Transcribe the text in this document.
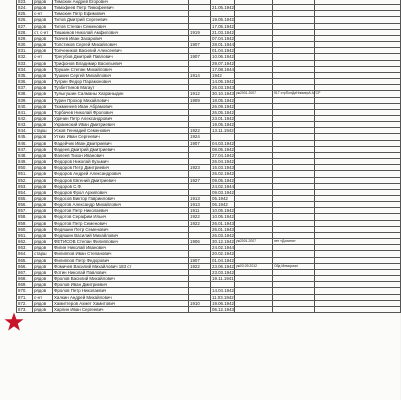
823.	рядов	Тимохин Андрей Егорович					
824.	рядов	Тимофеев Петр Тимофеевич		21.05.1942			
825.	с-нт	Тимохин Петр Ефимович					
826.	рядов	Титов Дмитрий Сергеевич		19.05.1942			
827.	рядов	Титов Степан Семенович		17.05.1942			
828.	ст. с-нт	Тишкинов Николай Амфилович	1919	21.03.1942			
829.	рядов	Ткачев Иван Захарович		07.04.1942			
830.	рядов	Толстиков Сергей Михайлович	1907	28.01.1944			
831.	рядов	Толчеников Василий Алексеевич		01.04.1942			
832.	с-нт	Трегубов Дмитрий Павлович	1907	10.06.1942			
833.	рядов	Трифонов Владимир Васильевич		29.07.1942			
834.	рядов	Трушин Степан Михайлович		17.08.1944			
835.	рядов	Тушкин Сергей Михайлович	1914	1942			
836.	рядов	Тугрин Федор Парамонович		14.05.1942			
837.	рядов	Тузбеттинов Магаут		26.03.1943			
838.	рядов	Тулыгушин Салманы Хазраныдин	1912	30.10.1943	уж2001.2007	917 стрПолДиНнимерА АГСР	
839.	рядов	Турин Прохор Михайлович	1909	18.05.1942			
840.	рядов	Тюкменеев Иван Абрамович		26.09.1942			
841.	рядов	Торбачев Николай Фролович		26.05.1942			
842.	рядов	Удачин Петр Александрович		23.01.1942			
843.	рядов	Украинский Иван Дмитриевич		19.05.1942			
844.	старш	Усков Геннадий Семенович	1922	13.11.1942			
845.	рядов	Утких Иван Сергеевич	1924				
846.	рядов	Фадейчик Иван Дмитриевич	1907	04.03.1942			
847.	рядов	Фадеев Дмитрий Дмитриевич		08.05.1942			
848.	рядов	Фалеев Тихон Иванович		27.04.1942			
849.	рядов	Федоров Николай Кузьмич		26.04.1942			
850.	рядов	Федоров Петр Дмитриевич	1923	15.03.1943			
851.	рядов	Федоров Андрей Александрович		26.02.1942			
852.	рядов	Федоров Евгений Дмитриевич	1927	09.05.1942			
853.	рядов	Федоров С.Ф.		24.02.1944			
854.	рядов	Федоров Фрол Архипович		09.03.1942			
855.	рядов	Федосов Виктор Гавриилович	1913	05.1942			
856.	рядов	Федотов Александр Михайлович	1913	06.1942			
857.	рядов	Федотов Петр Николаевич	1911	10.05.1942			
858.	рядов	Федотов Серафим Ильич	1922	10.05.1942			
859.	рядов	Федотов Петр Семенович	1922	26.01.1943			
860.	рядов	Федяшин Петр Семенович		26.01.1943			
861.	рядов	Федяшин Василий Михайлович		26.03.1942			
862.	рядов	ФЕТИСОВ Степан Филиппович	1906	30.12.1942	уж2001.2007	нет «Долина»	
863.	рядов	Фигин Николай Иванович		24.02.1944			
864.	старш	Филиппов Иван Степанович		20.02.1942			
865.	рядов	Филиппов Петр Федорович	1907	01.04.1942			
866.	рядов	Фомичев Василий Михайлович 183 ст	1922	23.06.1942	уж03.09.2012	Обд Мемориал	
867.	рядов	Фотин Николай Павлович		23.03.1942			
868.	рядов	Фролов Василий Михайлович		19.11.1941			
869.	рядов	Фролов Иван Дмитриевич					
870.	рядов	Фролов Петр Николаевич		14.04.1942			
871.	с-нт	Халкин Андрей Михайлович		11.03.1942			
872.	рядов	Хамитгеров Ахмет Хамитович	1910	19.06.1942			
873.	рядов	Харлин Иван Сергеевич		06.12.1943			
